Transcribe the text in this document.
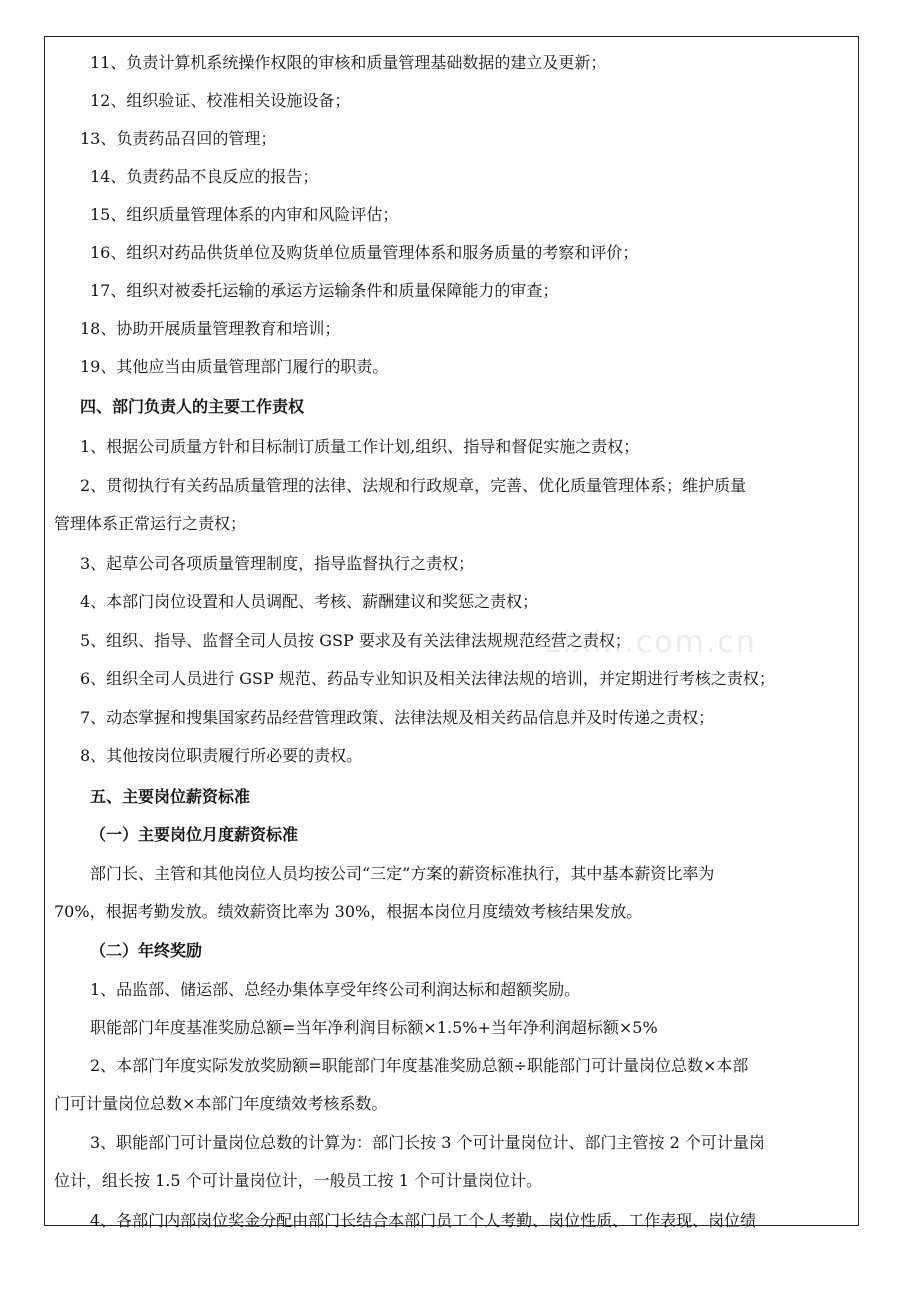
11、负责计算机系统操作权限的审核和质量管理基础数据的建立及更新；
12、组织验证、校准相关设施设备；
13、负责药品召回的管理；
14、负责药品不良反应的报告；
15、组织质量管理体系的内审和风险评估；
16、组织对药品供货单位及购货单位质量管理体系和服务质量的考察和评价；
17、组织对被委托运输的承运方运输条件和质量保障能力的审查；
18、协助开展质量管理教育和培训；
19、其他应当由质量管理部门履行的职责。
四、部门负责人的主要工作责权
1、根据公司质量方针和目标制订质量工作计划,组织、指导和督促实施之责权；
2、贯彻执行有关药品质量管理的法律、法规和行政规章，完善、优化质量管理体系；维护质量
管理体系正常运行之责权；
3、起草公司各项质量管理制度，指导监督执行之责权；
4、本部门岗位设置和人员调配、考核、薪酬建议和奖惩之责权；
5、组织、指导、监督全司人员按 GSP 要求及有关法律法规规范经营之责权；
6、组织全司人员进行 GSP 规范、药品专业知识及相关法律法规的培训，并定期进行考核之责权；
7、动态掌握和搜集国家药品经营管理政策、法律法规及相关药品信息并及时传递之责权；
8、其他按岗位职责履行所必要的责权。
五、主要岗位薪资标准
（一）主要岗位月度薪资标准
部门长、主管和其他岗位人员均按公司“三定”方案的薪资标准执行，其中基本薪资比率为
70%，根据考勤发放。绩效薪资比率为 30%，根据本岗位月度绩效考核结果发放。
（二）年终奖励
1、品监部、储运部、总经办集体享受年终公司利润达标和超额奖励。
职能部门年度基准奖励总额=当年净利润目标额×1.5%+当年净利润超标额×5%
2、本部门年度实际发放奖励额=职能部门年度基准奖励总额÷职能部门可计量岗位总数×本部
门可计量岗位总数×本部门年度绩效考核系数。
3、职能部门可计量岗位总数的计算为：部门长按 3 个可计量岗位计、部门主管按 2 个可计量岗
位计，组长按 1.5 个可计量岗位计，一般员工按 1 个可计量岗位计。
4、各部门内部岗位奖金分配由部门长结合本部门员工个人考勤、岗位性质、工作表现、岗位绩
zixin.com.cn
